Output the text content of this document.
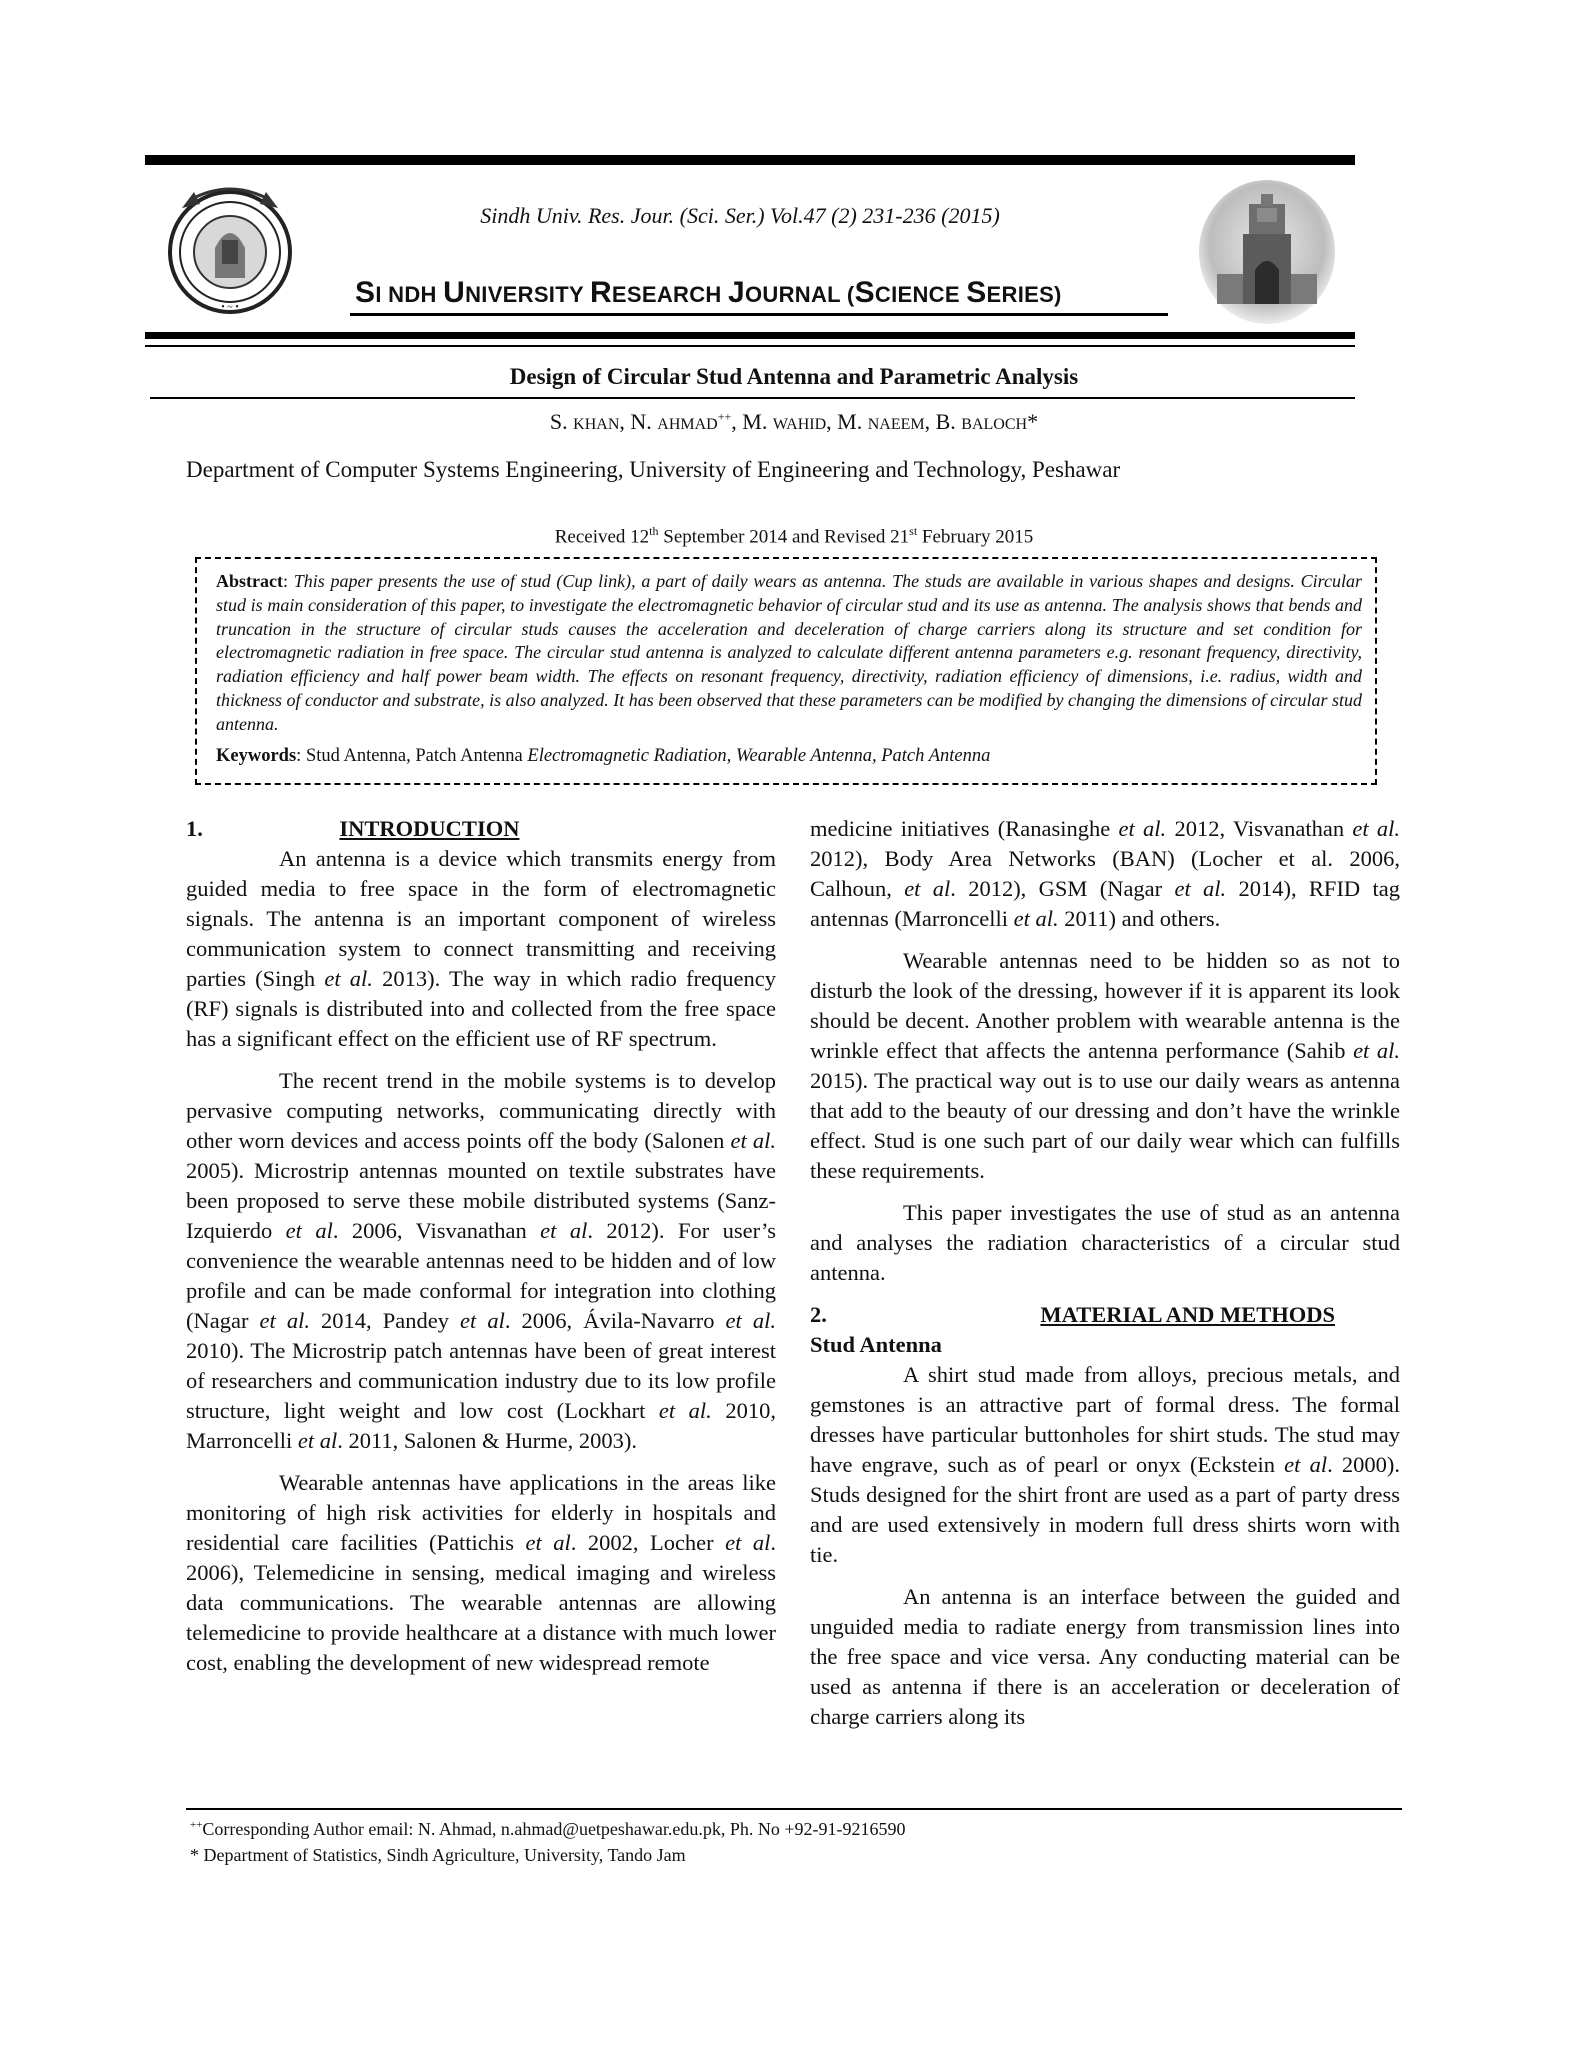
• ~ •
Sindh Univ. Res. Jour. (Sci. Ser.) Vol.47 (2) 231-236 (2015)
SI NDH UNIVERSITY RESEARCH JOURNAL (SCIENCE SERIES)
Design of Circular Stud Antenna and Parametric Analysis
S. KHAN, N. AHMAD++, M. WAHID, M. NAEEM, B. BALOCH*
Department of Computer Systems Engineering, University of Engineering and Technology, Peshawar
Received 12th September 2014 and Revised 21st February 2015
Abstract: This paper presents the use of stud (Cup link), a part of daily wears as antenna. The studs are available in various shapes and designs. Circular stud is main consideration of this paper, to investigate the electromagnetic behavior of circular stud and its use as antenna. The analysis shows that bends and truncation in the structure of circular studs causes the acceleration and deceleration of charge carriers along its structure and set condition for electromagnetic radiation in free space. The circular stud antenna is analyzed to calculate different antenna parameters e.g. resonant frequency, directivity, radiation efficiency and half power beam width. The effects on resonant frequency, directivity, radiation efficiency of dimensions, i.e. radius, width and thickness of conductor and substrate, is also analyzed. It has been observed that these parameters can be modified by changing the dimensions of circular stud antenna.
Keywords: Stud Antenna, Patch Antenna Electromagnetic Radiation, Wearable Antenna, Patch Antenna
1.	INTRODUCTION

An antenna is a device which transmits energy from guided media to free space in the form of electromagnetic signals. The antenna is an important component of wireless communication system to connect transmitting and receiving parties (Singh et al. 2013). The way in which radio frequency (RF) signals is distributed into and collected from the free space has a significant effect on the efficient use of RF spectrum.

The recent trend in the mobile systems is to develop pervasive computing networks, communicating directly with other worn devices and access points off the body (Salonen et al. 2005). Microstrip antennas mounted on textile substrates have been proposed to serve these mobile distributed systems (Sanz-Izquierdo et al. 2006, Visvanathan et al. 2012). For user’s convenience the wearable antennas need to be hidden and of low profile and can be made conformal for integration into clothing (Nagar et al. 2014, Pandey et al. 2006, Ávila-Navarro et al. 2010). The Microstrip patch antennas have been of great interest of researchers and communication industry due to its low profile structure, light weight and low cost (Lockhart et al. 2010, Marroncelli et al. 2011, Salonen & Hurme, 2003).

Wearable antennas have applications in the areas like monitoring of high risk activities for elderly in hospitals and residential care facilities (Pattichis et al. 2002, Locher et al. 2006), Telemedicine in sensing, medical imaging and wireless data communications. The wearable antennas are allowing telemedicine to provide healthcare at a distance with much lower cost, enabling the development of new widespread remote

medicine initiatives (Ranasinghe et al. 2012, Visvanathan et al. 2012), Body Area Networks (BAN) (Locher et al. 2006, Calhoun, et al. 2012), GSM (Nagar et al. 2014), RFID tag antennas (Marroncelli et al. 2011) and others.

Wearable antennas need to be hidden so as not to disturb the look of the dressing, however if it is apparent its look should be decent. Another problem with wearable antenna is the wrinkle effect that affects the antenna performance (Sahib et al. 2015). The practical way out is to use our daily wears as antenna that add to the beauty of our dressing and don’t have the wrinkle effect. Stud is one such part of our daily wear which can fulfills these requirements.

This paper investigates the use of stud as an antenna and analyses the radiation characteristics of a circular stud antenna.

2.	MATERIAL AND METHODS
Stud Antenna

A shirt stud made from alloys, precious metals, and gemstones is an attractive part of formal dress. The formal dresses have particular buttonholes for shirt studs. The stud may have engrave, such as of pearl or onyx (Eckstein et al. 2000). Studs designed for the shirt front are used as a part of party dress and are used extensively in modern full dress shirts worn with tie.

An antenna is an interface between the guided and unguided media to radiate energy from transmission lines into the free space and vice versa. Any conducting material can be used as antenna if there is an acceleration or deceleration of charge carriers along its

++Corresponding Author email: N. Ahmad, n.ahmad@uetpeshawar.edu.pk, Ph. No +92-91-9216590
* Department of Statistics, Sindh Agriculture, University, Tando Jam
